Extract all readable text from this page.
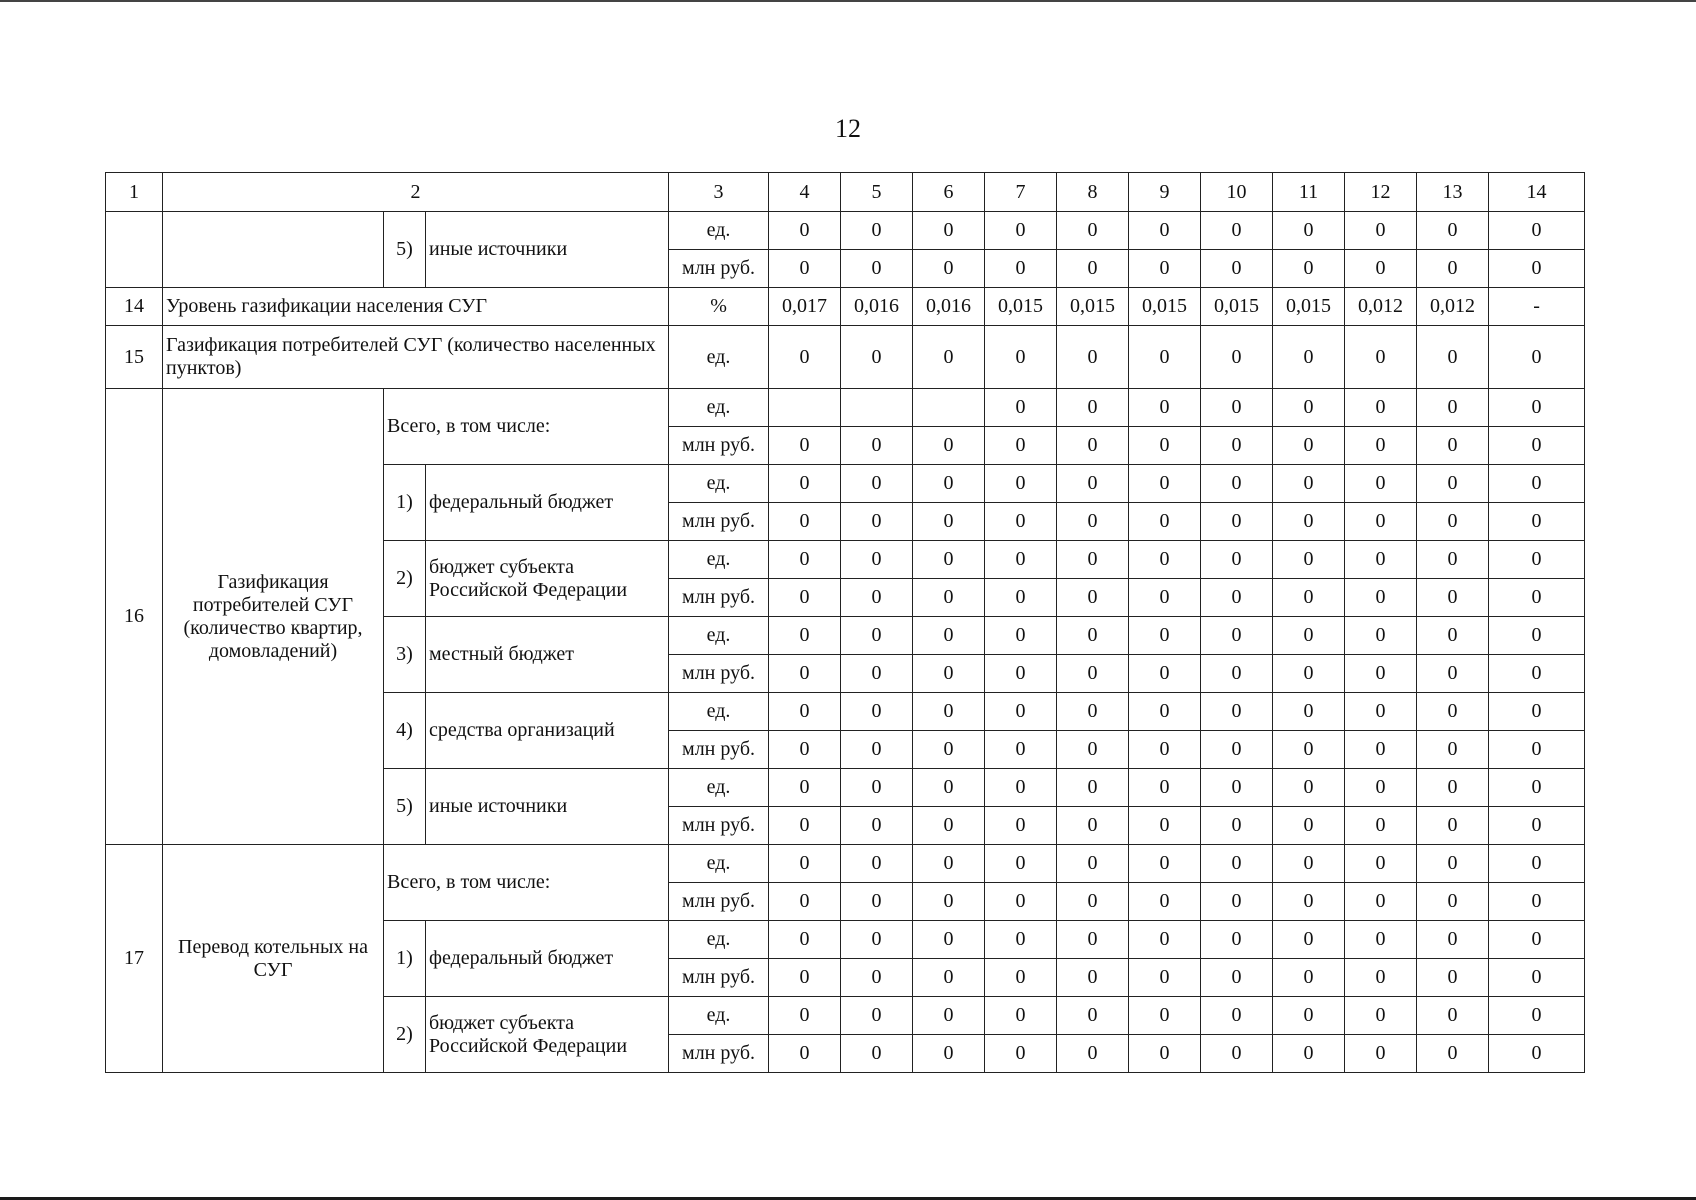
12
1	2			3	4	5	6	7	8	9	10	11	12	13	14
		5)	иные источники	ед.	0	0	0	0	0	0	0	0	0	0	0
				млн руб.	0	0	0	0	0	0	0	0	0	0	0
14	Уровень газификации населения СУГ			%	0,017	0,016	0,016	0,015	0,015	0,015	0,015	0,015	0,012	0,012	-
15	Газификация потребителей СУГ (количество населенных пунктов)			ед.	0	0	0	0	0	0	0	0	0	0	0
16	Газификация потребителей СУГ (количество квартир, домовладений)	Всего, в том числе:		ед.				0	0	0	0	0	0	0	0
				млн руб.	0	0	0	0	0	0	0	0	0	0	0
		1)	федеральный бюджет	ед.	0	0	0	0	0	0	0	0	0	0	0
				млн руб.	0	0	0	0	0	0	0	0	0	0	0
		2)	бюджет субъекта Российской Федерации	ед.	0	0	0	0	0	0	0	0	0	0	0
				млн руб.	0	0	0	0	0	0	0	0	0	0	0
		3)	местный бюджет	ед.	0	0	0	0	0	0	0	0	0	0	0
				млн руб.	0	0	0	0	0	0	0	0	0	0	0
		4)	средства организаций	ед.	0	0	0	0	0	0	0	0	0	0	0
				млн руб.	0	0	0	0	0	0	0	0	0	0	0
		5)	иные источники	ед.	0	0	0	0	0	0	0	0	0	0	0
				млн руб.	0	0	0	0	0	0	0	0	0	0	0
17	Перевод котельных на СУГ	Всего, в том числе:		ед.	0	0	0	0	0	0	0	0	0	0	0
				млн руб.	0	0	0	0	0	0	0	0	0	0	0
		1)	федеральный бюджет	ед.	0	0	0	0	0	0	0	0	0	0	0
				млн руб.	0	0	0	0	0	0	0	0	0	0	0
		2)	бюджет субъекта Российской Федерации	ед.	0	0	0	0	0	0	0	0	0	0	0
				млн руб.	0	0	0	0	0	0	0	0	0	0	0
